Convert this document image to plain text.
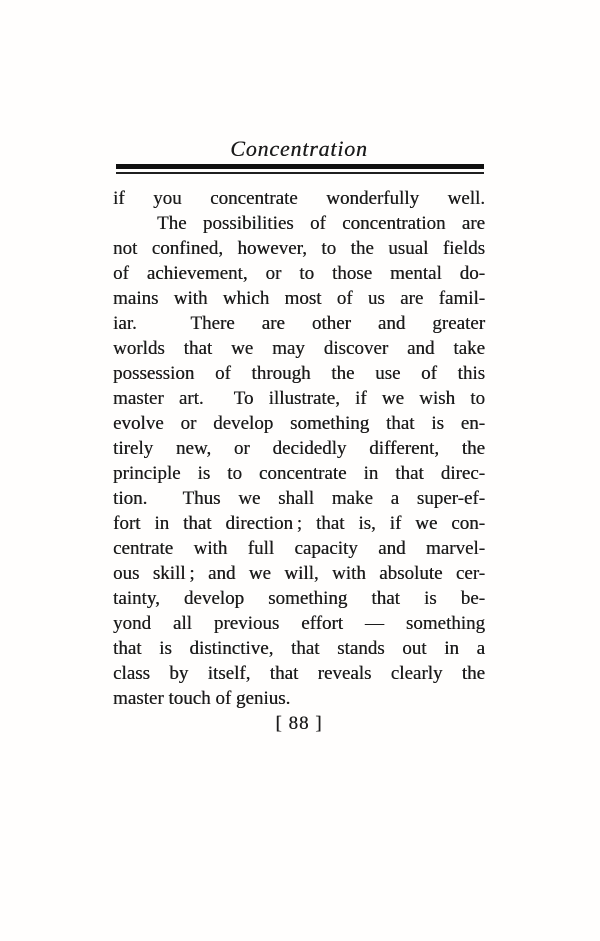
Concentration
if you concentrate wonderfully well.
The possibilities of concentration are
not confined, however, to the usual fields
of achievement, or to those mental do-
mains with which most of us are famil-
iar.  There are other and greater
worlds that we may discover and take
possession of through the use of this
master art.  To illustrate, if we wish to
evolve or develop something that is en-
tirely new, or decidedly different, the
principle is to concentrate in that direc-
tion.  Thus we shall make a super-ef-
fort in that direction ; that is, if we con-
centrate with full capacity and marvel-
ous skill ; and we will, with absolute cer-
tainty, develop something that is be-
yond all previous effort — something
that is distinctive, that stands out in a
class by itself, that reveals clearly the
master touch of genius.
[ 88 ]
